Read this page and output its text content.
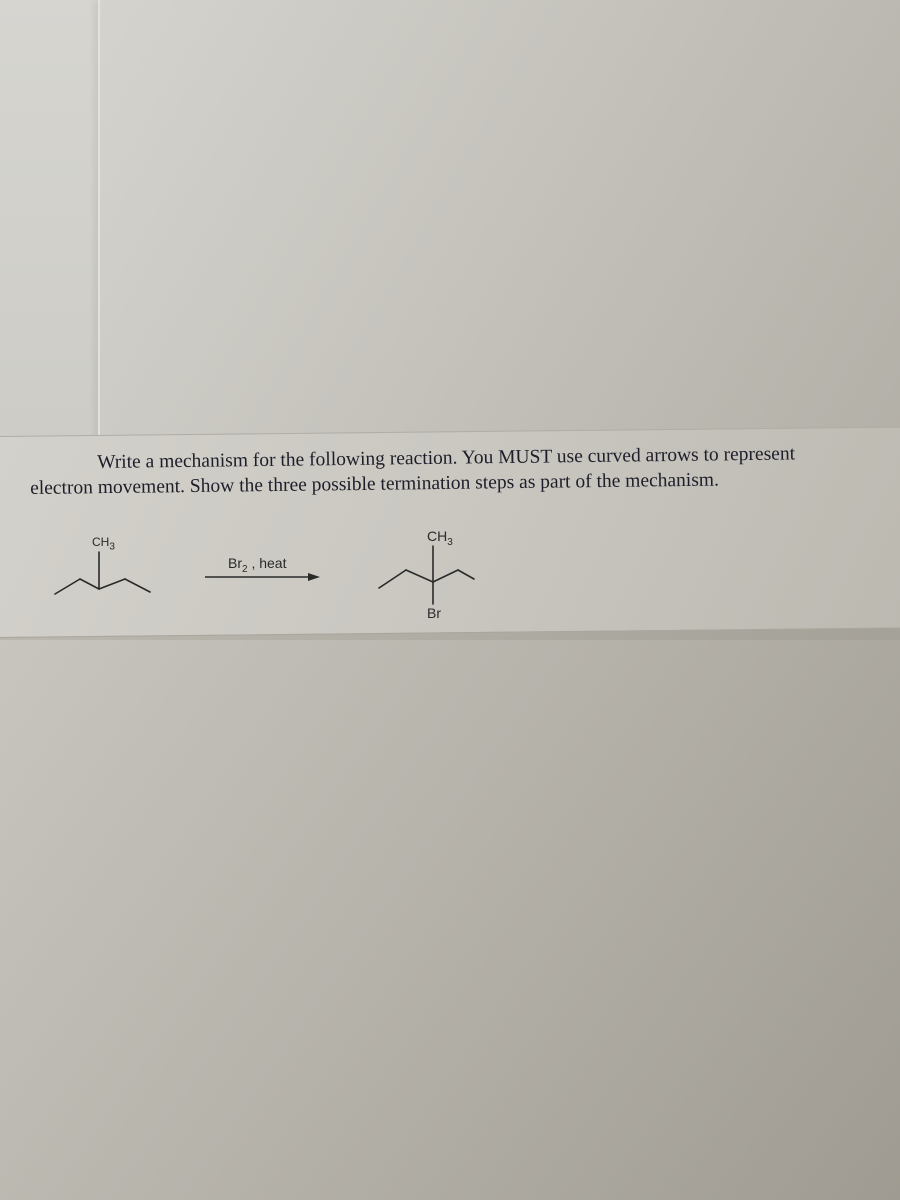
Write a mechanism for the following reaction. You MUST use curved arrows to represent
electron movement. Show the three possible termination steps as part of the mechanism.
$CH_3$
$Br_2$ , heat
$CH_3$
Br
